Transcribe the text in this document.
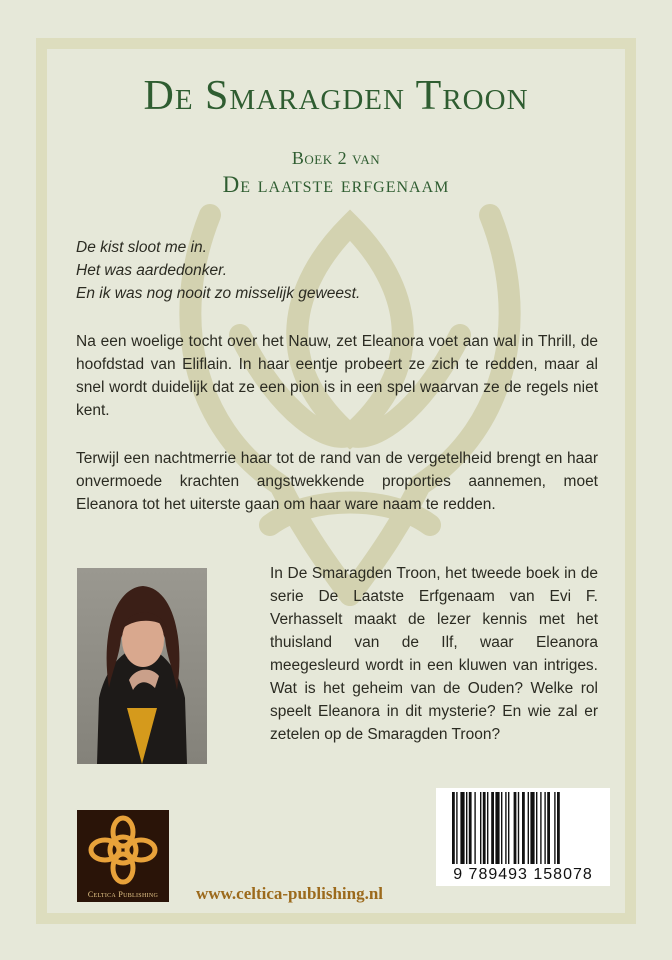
De Smaragden Troon
Boek 2 van
De laatste erfgenaam
De kist sloot me in.
Het was aardedonker.
En ik was nog nooit zo misselijk geweest.

Na een woelige tocht over het Nauw, zet Eleanora voet aan wal in Thrill, de hoofdstad van Eliflain. In haar eentje probeert ze zich te redden, maar al snel wordt duidelijk dat ze een pion is in een spel waarvan ze de regels niet kent.

Terwijl een nachtmerrie haar tot de rand van de vergetelheid brengt en haar onvermoede krachten angstwekkende proporties aannemen, moet Eleanora tot het uiterste gaan om haar ware naam te redden.

In De Smaragden Troon, het tweede boek in de serie De Laatste Erfgenaam van Evi F. Verhasselt maakt de lezer kennis met het thuisland van de Ilf, waar Eleanora meegesleurd wordt in een kluwen van intriges. Wat is het geheim van de Ouden? Welke rol speelt Eleanora in dit mysterie? En wie zal er zetelen op de Smaragden Troon?

Celtica Publishing	www.celtica-publishing.nl
9 789493 158078
